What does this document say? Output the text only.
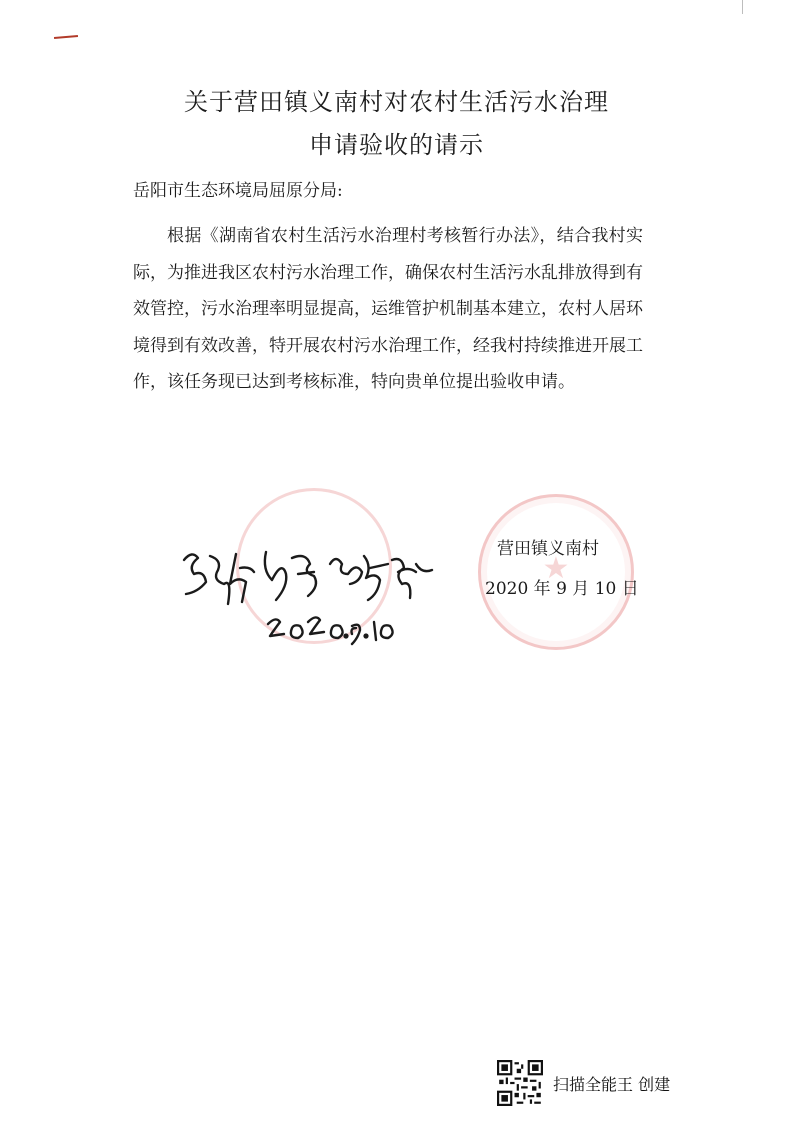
关于营田镇义南村对农村生活污水治理
申请验收的请示
岳阳市生态环境局屈原分局:
根据《湖南省农村生活污水治理村考核暂行办法》，结合我村实际，为推进我区农村污水治理工作，确保农村生活污水乱排放得到有效管控，污水治理率明显提高，运维管护机制基本建立，农村人居环境得到有效改善，特开展农村污水治理工作，经我村持续推进开展工作，该任务现已达到考核标准，特向贵单位提出验收申请。
★
营田镇义南村
2020 年 9 月 10 日
扫描全能王 创建
